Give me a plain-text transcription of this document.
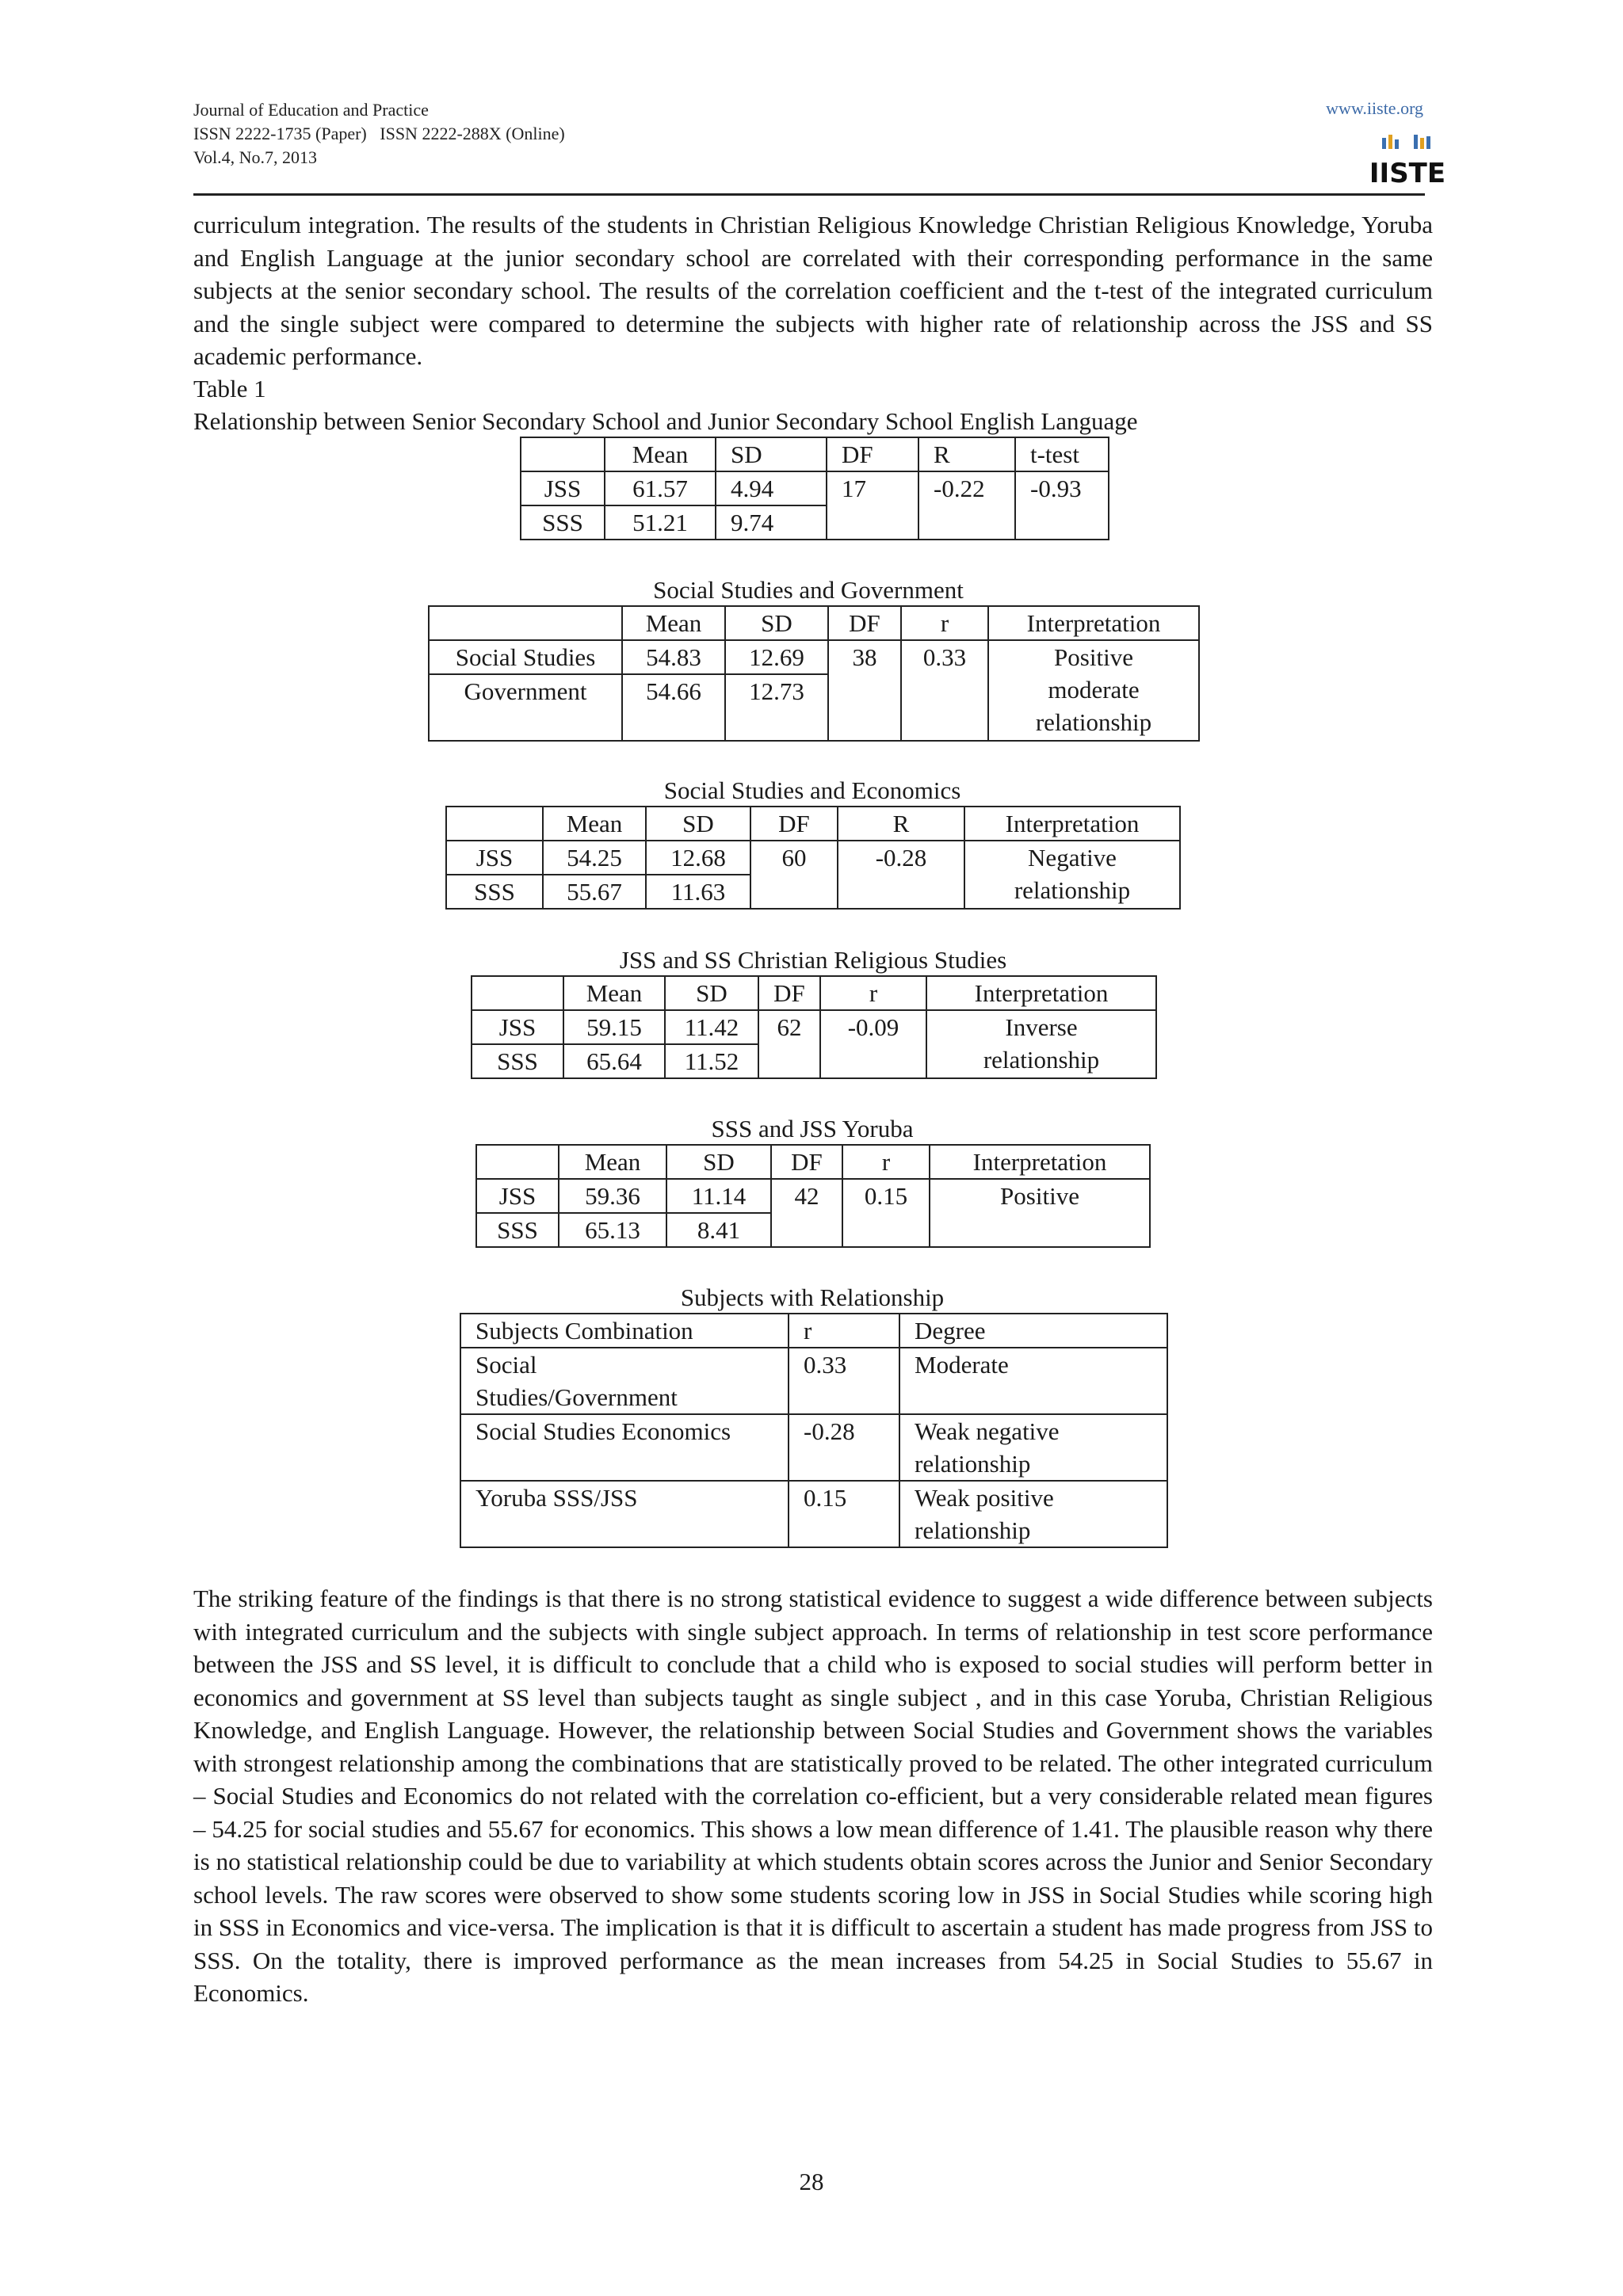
Journal of Education and Practice
ISSN 2222-1735 (Paper)   ISSN 2222-288X (Online)
Vol.4, No.7, 2013
www.iiste.org
IISTE
curriculum integration. The results of the students in Christian Religious Knowledge Christian Religious Knowledge, Yoruba and English Language at the junior secondary school are correlated with their corresponding performance in the same subjects at the senior secondary school. The results of the correlation coefficient and the t-test of the integrated curriculum and the single subject were compared to determine the subjects with higher rate of relationship across the JSS and SS academic performance.
Table 1
Relationship between Senior Secondary School and Junior Secondary School English Language
	Mean	SD	DF	R	t-test
JSS	61.57	4.94	17	-0.22	-0.93
SSS	51.21	9.74			
Social Studies and Government
	Mean	SD	DF	r	Interpretation
Social Studies	54.83	12.69	38	0.33	Positive moderate relationship
Government	54.66	12.73			
Social Studies and Economics
	Mean	SD	DF	R	Interpretation
JSS	54.25	12.68	60	-0.28	Negative relationship
SSS	55.67	11.63			
JSS and SS Christian Religious Studies
	Mean	SD	DF	r	Interpretation
JSS	59.15	11.42	62	-0.09	Inverse relationship
SSS	65.64	11.52			
SSS and JSS Yoruba
	Mean	SD	DF	r	Interpretation
JSS	59.36	11.14	42	0.15	Positive
SSS	65.13	8.41			
Subjects with Relationship
Subjects Combination	r	Degree
Social Studies/Government	0.33	Moderate
Social Studies Economics	-0.28	Weak negative relationship
Yoruba SSS/JSS	0.15	Weak positive relationship
The striking feature of the findings is that there is no strong statistical evidence to suggest a wide difference between subjects with integrated curriculum and the subjects with single subject approach. In terms of relationship in test score performance between the JSS and SS level, it is difficult to conclude that a child who is exposed to social studies will perform better in economics and government at SS level than subjects taught as single subject , and in this case Yoruba, Christian Religious Knowledge, and English Language. However, the relationship between Social Studies and Government shows the variables with strongest relationship among the combinations that are statistically proved to be related. The other integrated curriculum – Social Studies and Economics do not related with the correlation co-efficient, but a very considerable related mean figures – 54.25 for social studies and 55.67 for economics. This shows a low mean difference of 1.41. The plausible reason why there is no statistical relationship could be due to variability at which students obtain scores across the Junior and Senior Secondary school levels. The raw scores were observed to show some students scoring low in JSS in Social Studies while scoring high in SSS in Economics and vice-versa. The implication is that it is difficult to ascertain a student has made progress from JSS to SSS. On the totality, there is improved performance as the mean increases from 54.25 in Social Studies to 55.67 in Economics.
28
